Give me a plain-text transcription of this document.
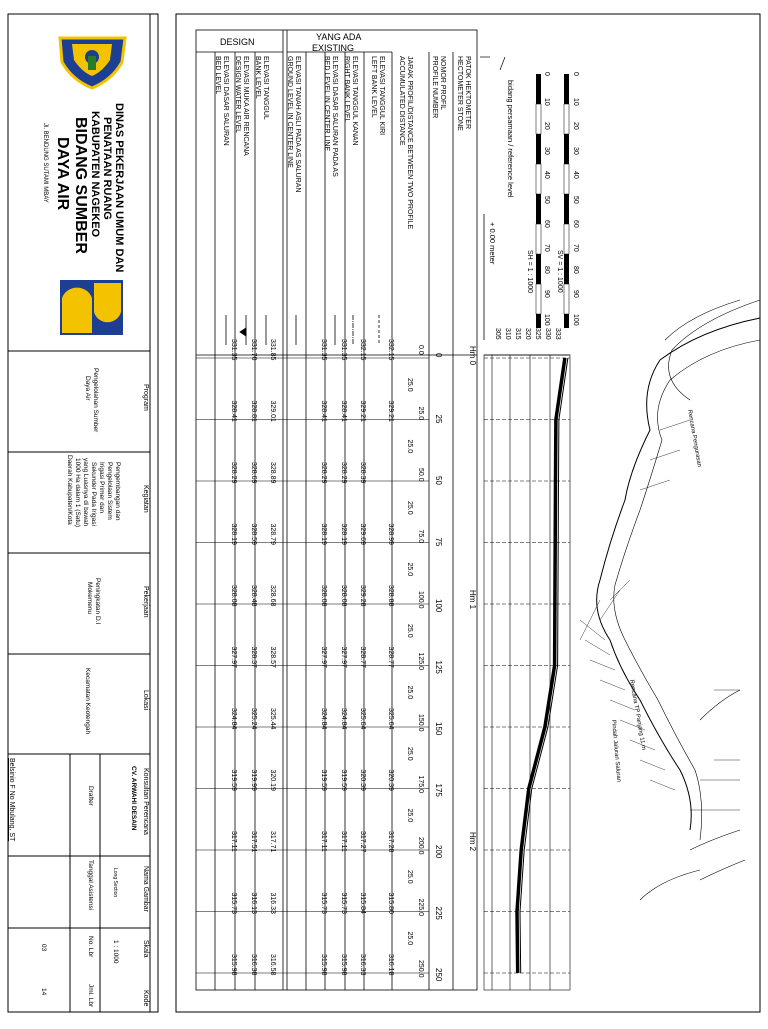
DINAS PEKERJAAN UMUM DAN
PENATAAN RUANG
KABUPATEN NAGEKEO
BIDANG SUMBER
DAYA AIR
Jl. BENDUNG SUTAMI MBAY
Program
Kegiatan
Pekerjaan
Lokasi
Konsultan Perencana
Nama Gambar
Skala
Kode
Pengelolahan Sumber
Daya Air
Pengembangan dan
Pengelolaan Sistem
Irigasi Primer dan
Sekunder Pada Irigasi
yang Luasnya di bawah
1000 Ha dalam 1 (Satu)
Daerah Kabupaten/Kota
Peningkatan D.I
Mokemenu
Kecamatan Keotengah
CV. ARWAHI DESAIN
Long Section
1 : 1000
Drafter
Tanggal Asistensi
No. Lbr
Jml. Lbr
03
14
Belsinio F No Mbulang, ST
DESIGN	YANG ADA
EXISTING
PATOK HEKTOMETER
HECTOMETER STONE
NOMOR PROFIL
PROFILE NUMBER
JARAK PROFIL/DISTANCE BETWEEN TWO PROFILE
ACCUMULATED DISTANCE
ELEVASI TANGGUL KIRI
LEFT BANK LEVEL
ELEVASI TANGGUL KANAN
RIGHT BANK LEVEL
ELEVASI DASAR SALURAN PADA AS
BED LEVEL IN CENTER LINE
ELEVASI TANAH ASLI PADA AS SALURAN
GROUND LEVEL IN CENTER LINE
ELEVASI TANGGUL
BANK LEVEL
ELEVASI MUKA AIR RENCANA
DESIGN WATER LEVEL
ELEVASI DASAR SALURAN
BED LEVEL	0
10
20
30
40
50
60
70
80
90
100
0
10
20
30
40
50
60
70
80
90
100
SV = 1 : 1000
SH = 1 : 1000
bidang persamaan / reference level
+ 0.00 meter
305 310 315 320 325 330 333
Hm 0
Hm 1
Hm 2
0
0.0
25.0
332.15
332.15
331.35
331.35
331.85
331.70
331.35
25
25.0
25.0
329.21
329.21
328.41
328.41
329.01
328.81
328.41
50
50.0
25.0
328.39
328.29
328.29
328.89
328.69
328.29
75
75.0
25.0
328.99
329.69
328.19
328.19
328.79
328.59
328.19
100
100.0
25.0
328.88
329.28
328.08
328.08
328.68
328.48
328.08
125
125.0
25.0
328.77
328.77
327.97
327.97
328.57
328.37
327.97
150
150.0
25.0
325.64
325.64
324.84
324.84
325.44
325.24
324.84
175
175.0
25.0
320.39
320.39
319.59
319.59
320.19
319.99
319.59
200
200.0
25.0
317.28
317.27
317.11
317.11
317.71
317.51
317.11
225
225.0
25.0
315.80
315.84
315.73
315.73
316.33
316.13
315.73
250
250.0
316.18
316.33
315.98
315.98
316.58
316.38
315.98
Rencana Pengurasan
Pindah Jaluran Saluran
Rencana TP Panjang 11 m
